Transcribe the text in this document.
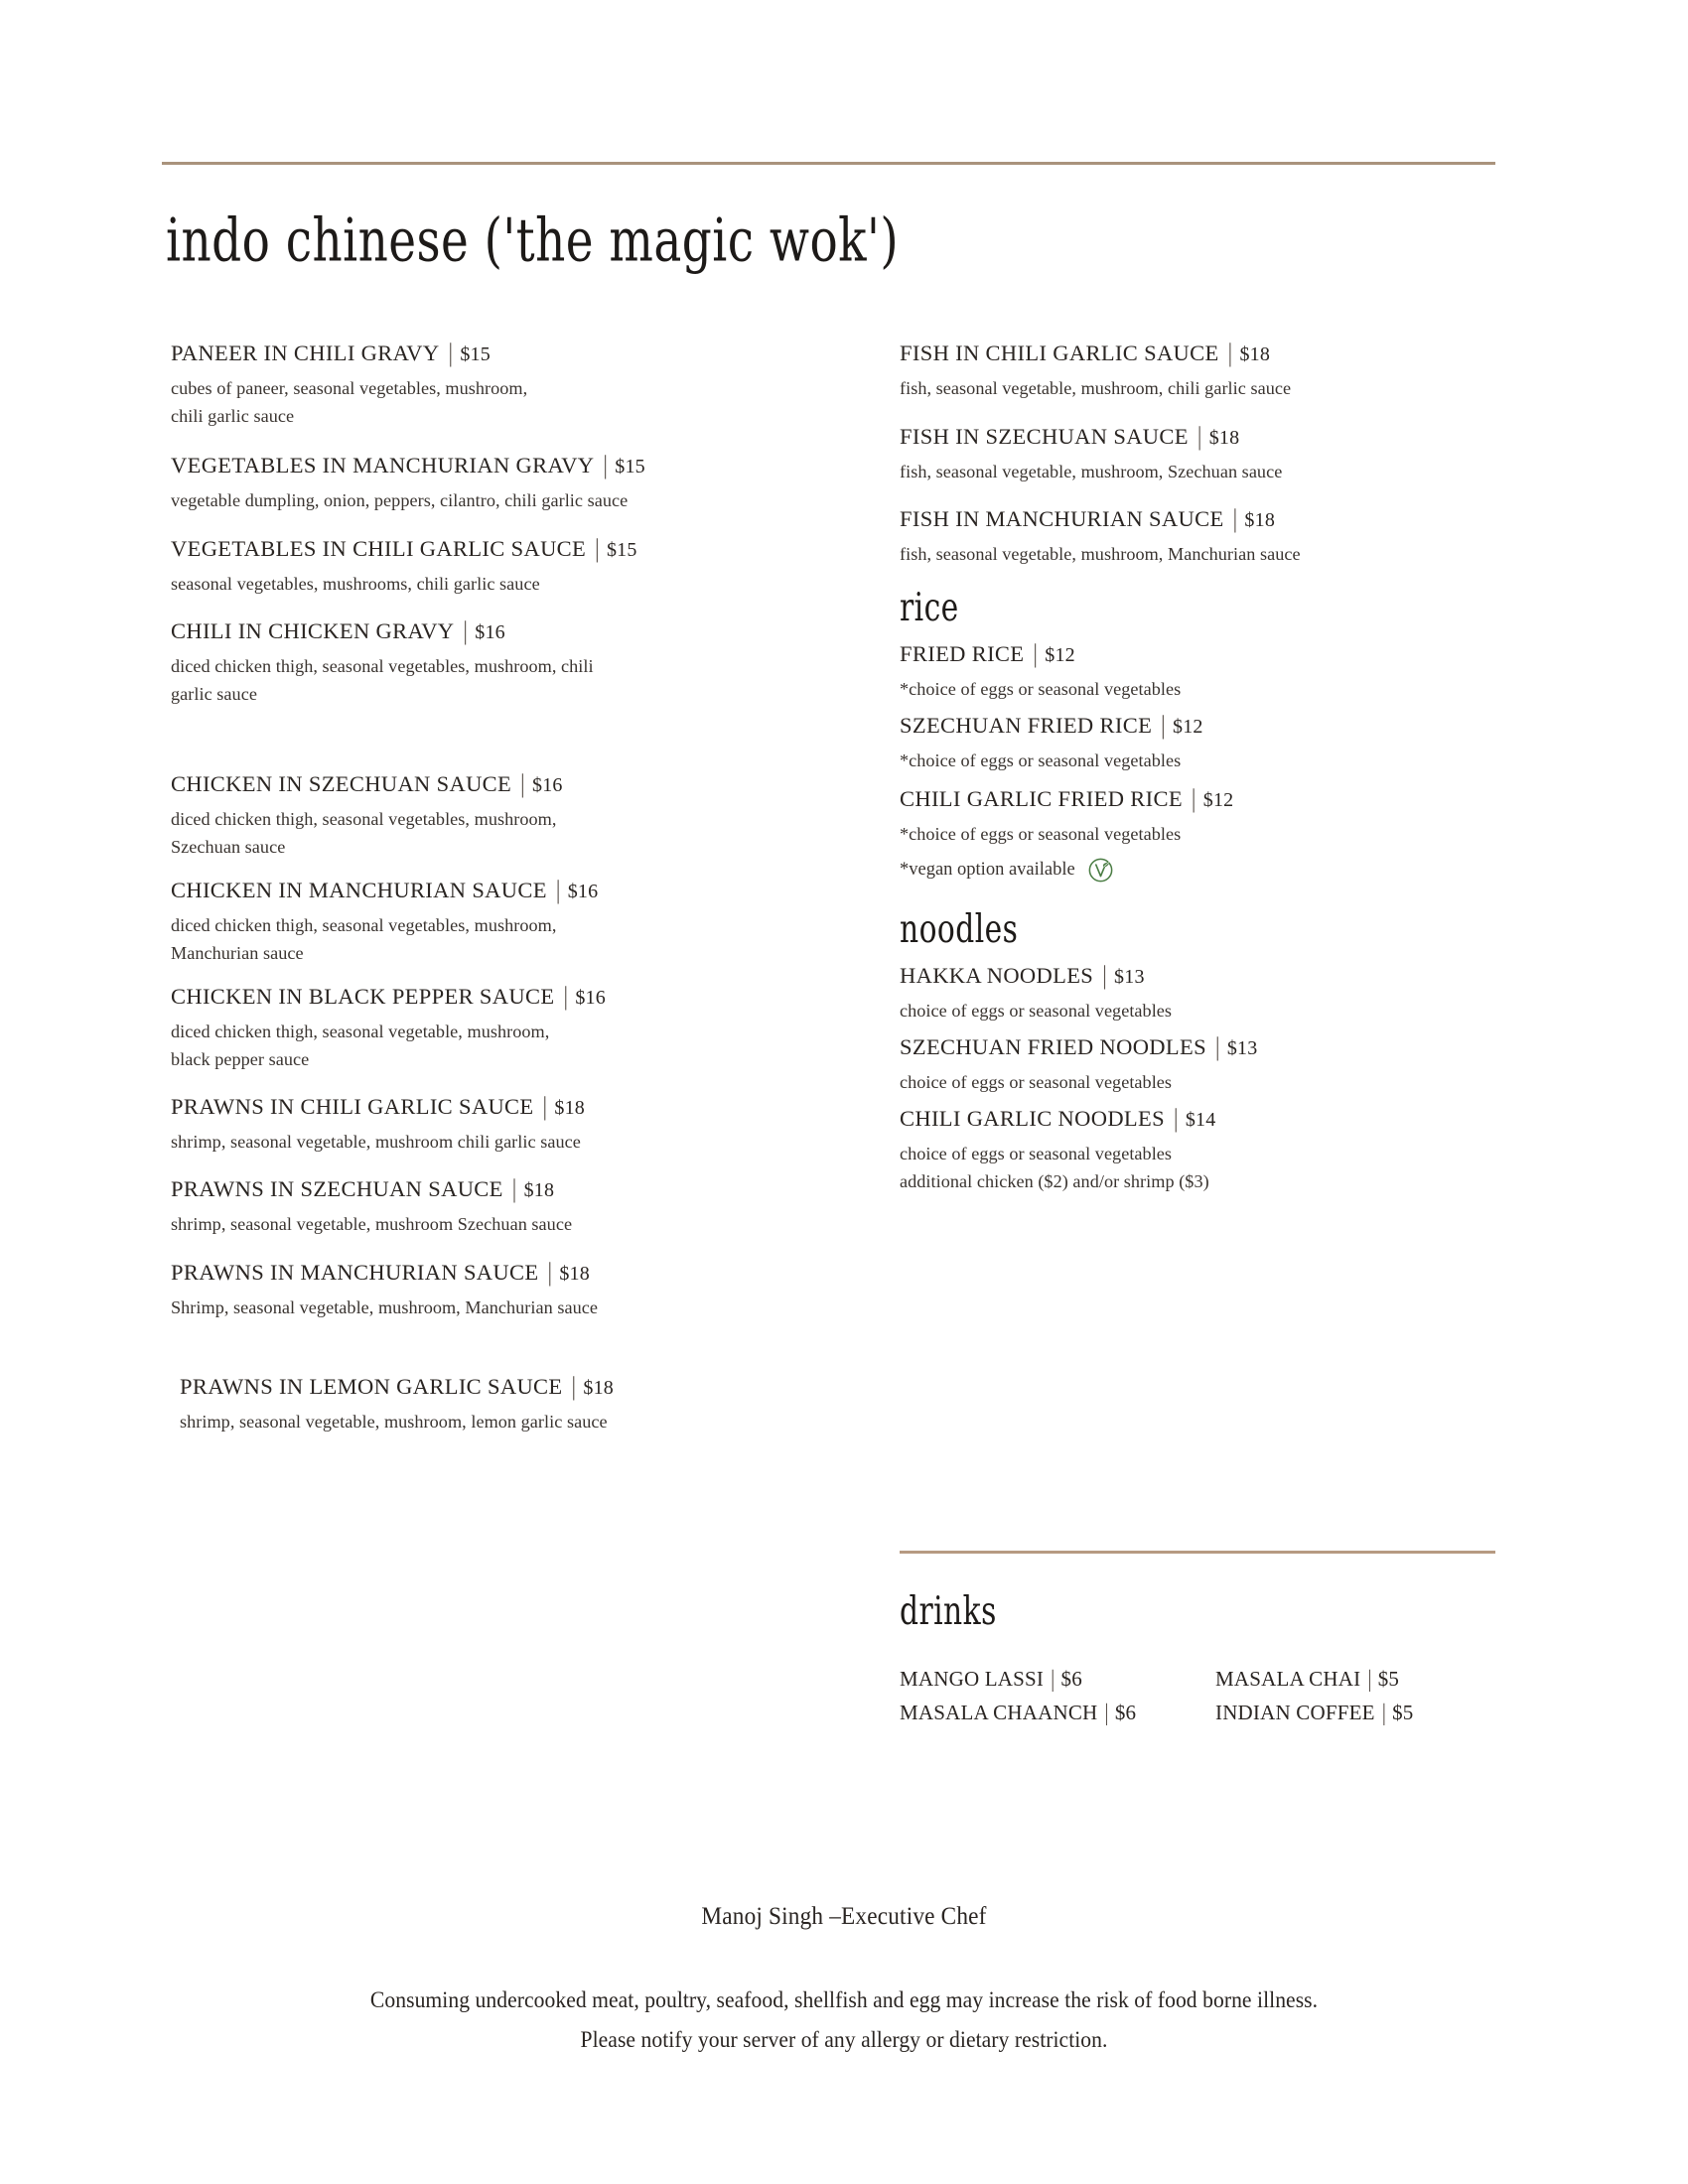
indo chinese ('the magic wok')
PANEER IN CHILI GRAVY | $15
cubes of paneer, seasonal vegetables, mushroom,
chili garlic sauce
VEGETABLES IN MANCHURIAN GRAVY | $15
vegetable dumpling, onion, peppers, cilantro, chili garlic sauce
VEGETABLES IN CHILI GARLIC SAUCE | $15
seasonal vegetables, mushrooms, chili garlic sauce
CHILI IN CHICKEN GRAVY | $16
diced chicken thigh, seasonal vegetables, mushroom, chili
garlic sauce
CHICKEN IN SZECHUAN SAUCE | $16
diced chicken thigh, seasonal vegetables, mushroom,
Szechuan sauce
CHICKEN IN MANCHURIAN SAUCE | $16
diced chicken thigh, seasonal vegetables, mushroom,
Manchurian sauce
CHICKEN IN BLACK PEPPER SAUCE | $16
diced chicken thigh, seasonal vegetable, mushroom,
black pepper sauce
PRAWNS IN CHILI GARLIC SAUCE | $18
shrimp, seasonal vegetable, mushroom chili garlic sauce
PRAWNS IN SZECHUAN SAUCE | $18
shrimp, seasonal vegetable, mushroom Szechuan sauce
PRAWNS IN MANCHURIAN SAUCE | $18
Shrimp, seasonal vegetable, mushroom, Manchurian sauce
PRAWNS IN LEMON GARLIC SAUCE | $18
shrimp, seasonal vegetable, mushroom, lemon garlic sauce
FISH IN CHILI GARLIC SAUCE | $18
fish, seasonal vegetable, mushroom, chili garlic sauce
FISH IN SZECHUAN SAUCE | $18
fish, seasonal vegetable, mushroom, Szechuan sauce
FISH IN MANCHURIAN SAUCE | $18
fish, seasonal vegetable, mushroom, Manchurian sauce
rice
FRIED RICE | $12
*choice of eggs or seasonal vegetables
SZECHUAN FRIED RICE | $12
*choice of eggs or seasonal vegetables
CHILI GARLIC FRIED RICE | $12
*choice of eggs or seasonal vegetables
*vegan option available
noodles
HAKKA NOODLES | $13
choice of eggs or seasonal vegetables
SZECHUAN FRIED NOODLES | $13
choice of eggs or seasonal vegetables
CHILI GARLIC NOODLES | $14
choice of eggs or seasonal vegetables
additional chicken ($2) and/or shrimp ($3)
drinks
MANGO LASSI | $6	MASALA CHAI | $5
MASALA CHAANCH | $6	INDIAN COFFEE | $5
Manoj Singh –Executive Chef
Consuming undercooked meat, poultry, seafood, shellfish and egg may increase the risk of food borne illness.
Please notify your server of any allergy or dietary restriction.
